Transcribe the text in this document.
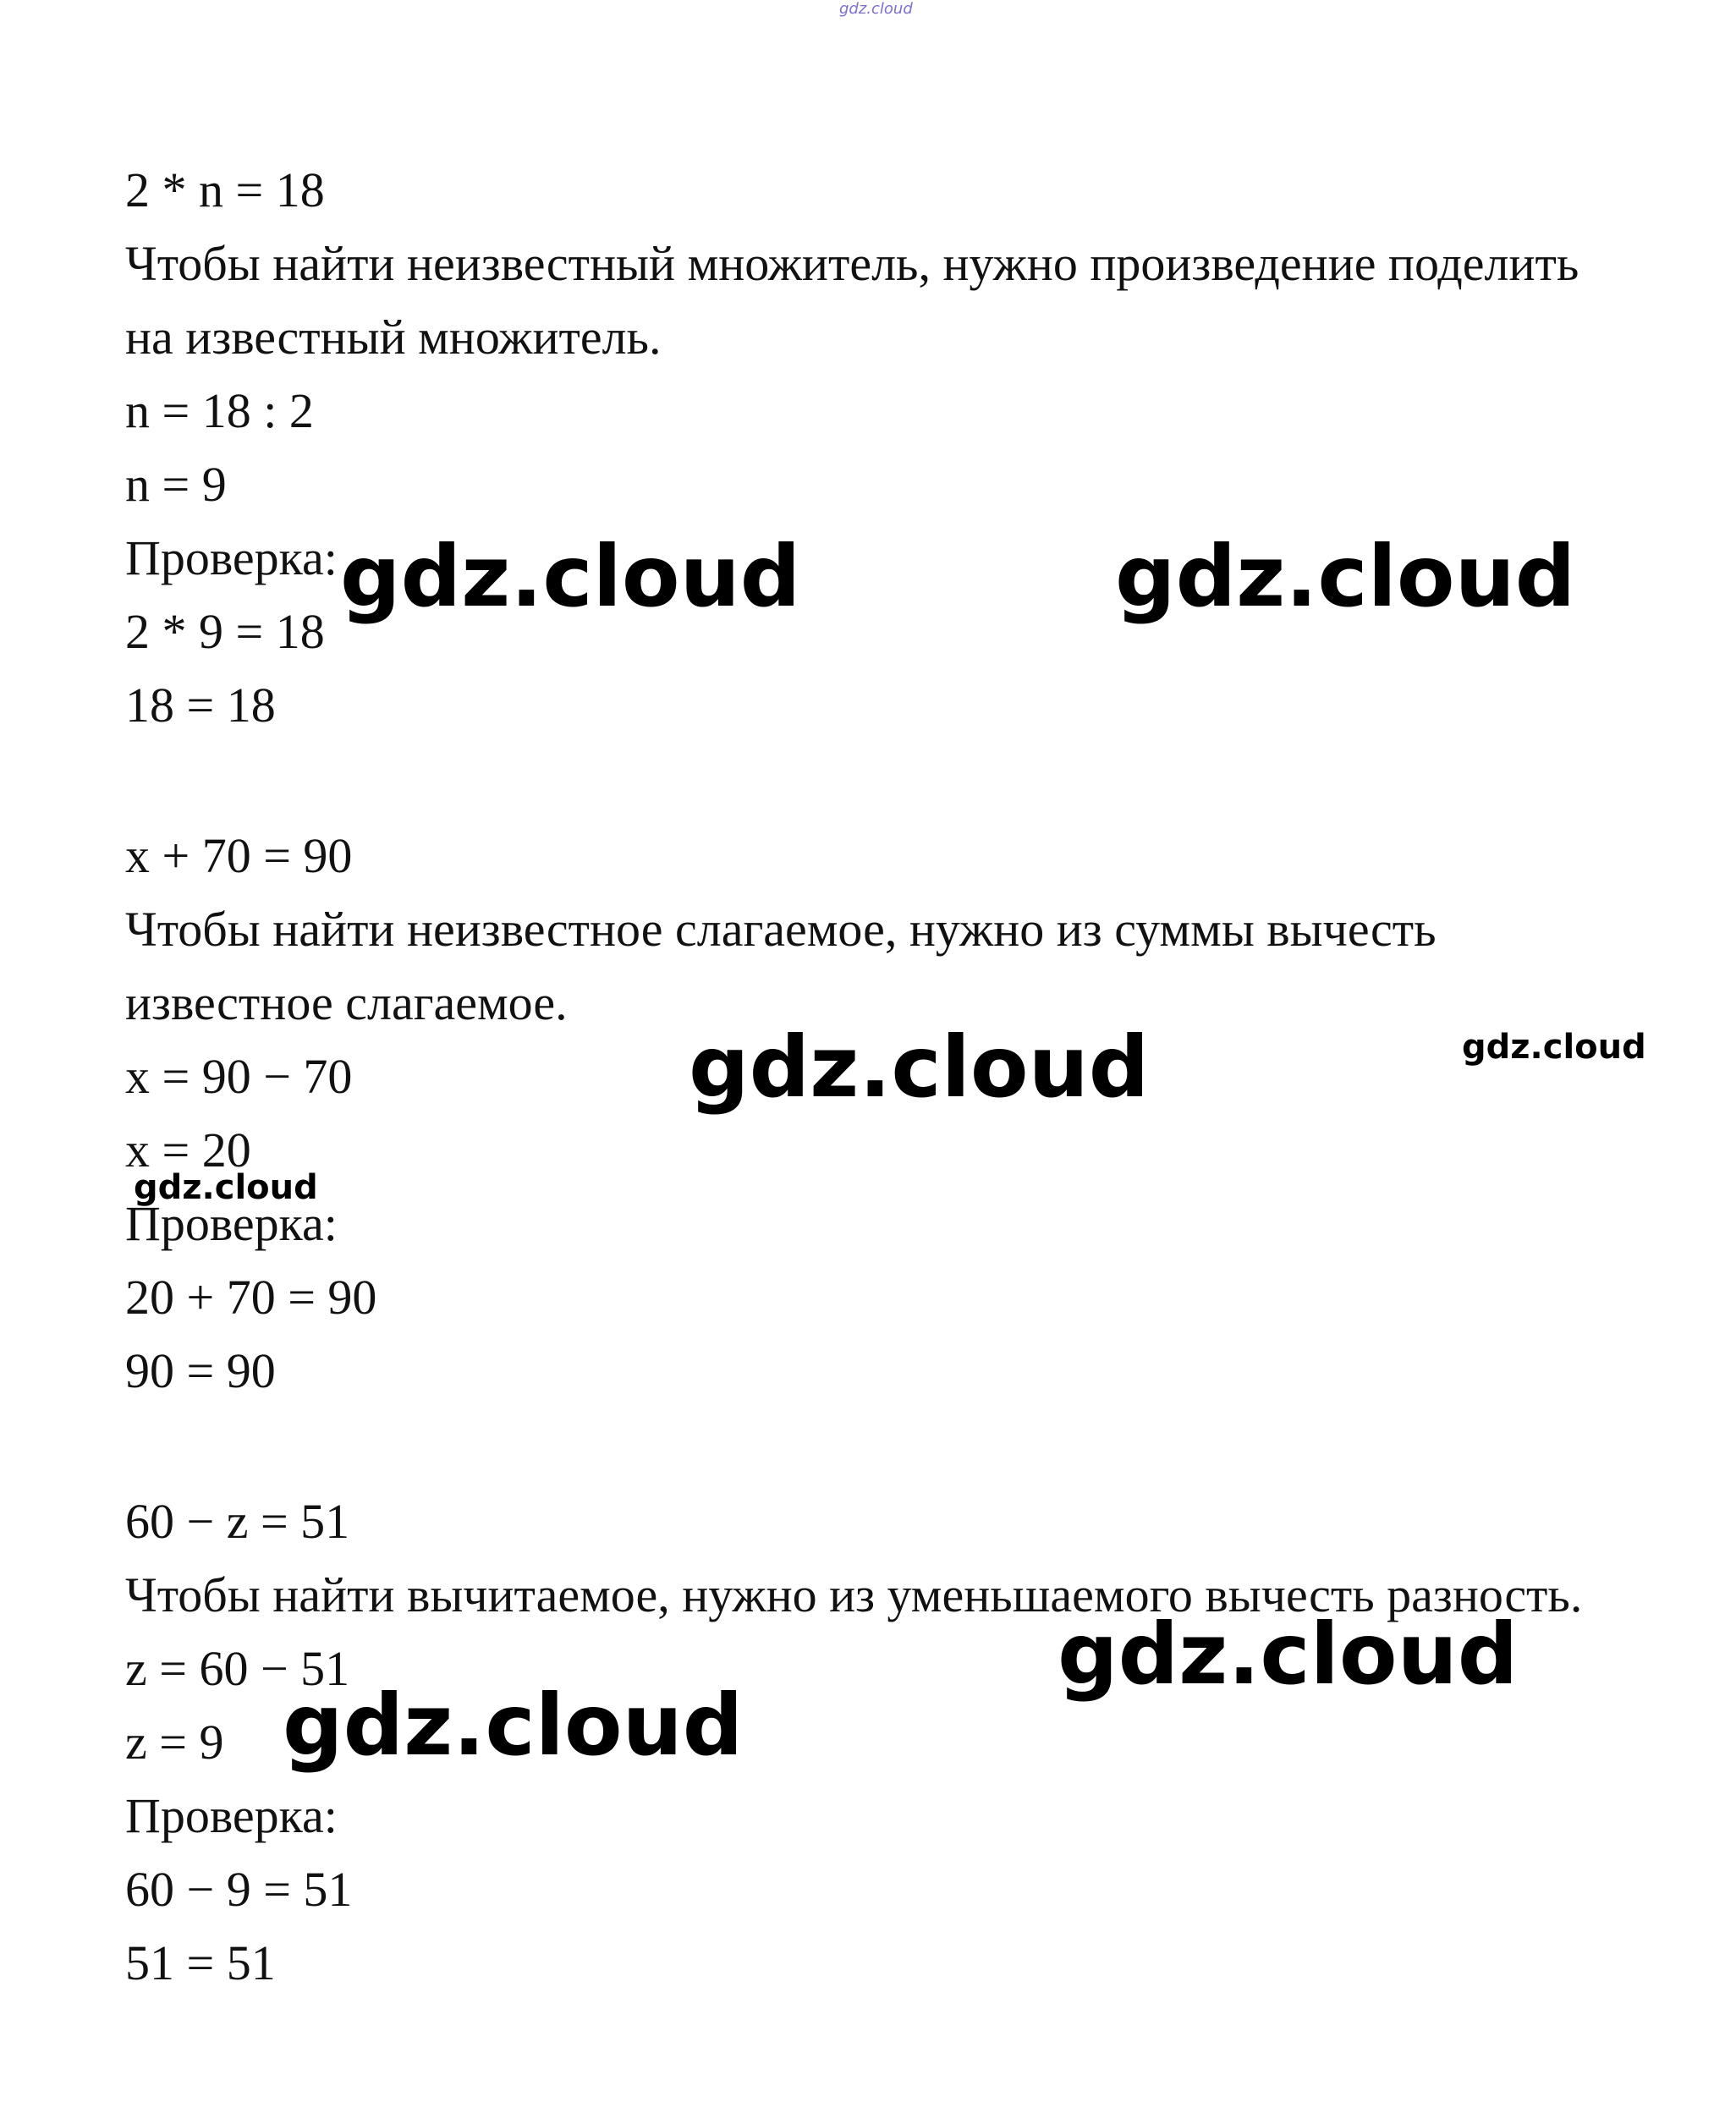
gdz.cloud

2 * n = 18

Чтобы найти неизвестный множитель, нужно произведение поделить

на известный множитель.

n = 18 : 2

n = 9

Проверка:

2 * 9 = 18

18 = 18

x + 70 = 90

Чтобы найти неизвестное слагаемое, нужно из суммы вычесть

известное слагаемое.

x = 90 − 70

x = 20

Проверка:

20 + 70 = 90

90 = 90

60 − z = 51

Чтобы найти вычитаемое, нужно из уменьшаемого вычесть разность.

z = 60 − 51

z = 9

Проверка:

60 − 9 = 51

51 = 51

gdz.cloud	gdz.cloud
gdz.cloud	gdz.cloud
gdz.cloud
gdz.cloud
gdz.cloud
